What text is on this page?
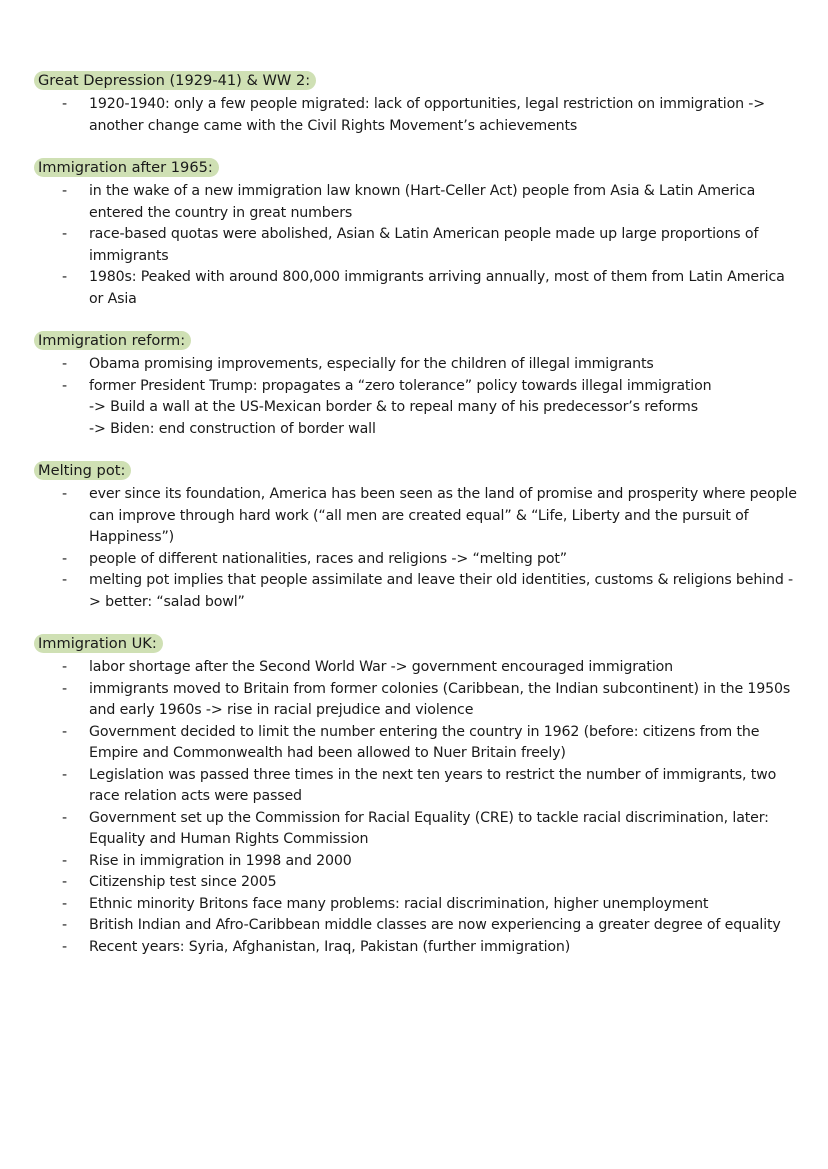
Great Depression (1929-41) & WW 2:
- 1920-1940: only a few people migrated: lack of opportunities, legal restriction on immigration -> another change came with the Civil Rights Movement’s achievements
Immigration after 1965:
- in the wake of a new immigration law known (Hart-Celler Act) people from Asia & Latin America entered the country in great numbers
- race-based quotas were abolished, Asian & Latin American people made up large proportions of immigrants
- 1980s: Peaked with around 800,000 immigrants arriving annually, most of them from Latin America or Asia
Immigration reform:
- Obama promising improvements, especially for the children of illegal immigrants
- former President Trump: propagates a “zero tolerance” policy towards illegal immigration
-> Build a wall at the US-Mexican border & to repeal many of his predecessor’s reforms
-> Biden: end construction of border wall
Melting pot:
- ever since its foundation, America has been seen as the land of promise and prosperity where people can improve through hard work (“all men are created equal” & “Life, Liberty and the pursuit of Happiness”)
- people of different nationalities, races and religions -> “melting pot”
- melting pot implies that people assimilate and leave their old identities, customs & religions behind -> better: “salad bowl”
Immigration UK:
- labor shortage after the Second World War -> government encouraged immigration
- immigrants moved to Britain from former colonies (Caribbean, the Indian subcontinent) in the 1950s and early 1960s -> rise in racial prejudice and violence
- Government decided to limit the number entering the country in 1962 (before: citizens from the Empire and Commonwealth had been allowed to Nuer Britain freely)
- Legislation was passed three times in the next ten years to restrict the number of immigrants, two race relation acts were passed
- Government set up the Commission for Racial Equality (CRE) to tackle racial discrimination, later: Equality and Human Rights Commission
- Rise in immigration in 1998 and 2000
- Citizenship test since 2005
- Ethnic minority Britons face many problems: racial discrimination, higher unemployment
- British Indian and Afro-Caribbean middle classes are now experiencing a greater degree of equality
- Recent years: Syria, Afghanistan, Iraq, Pakistan (further immigration)
